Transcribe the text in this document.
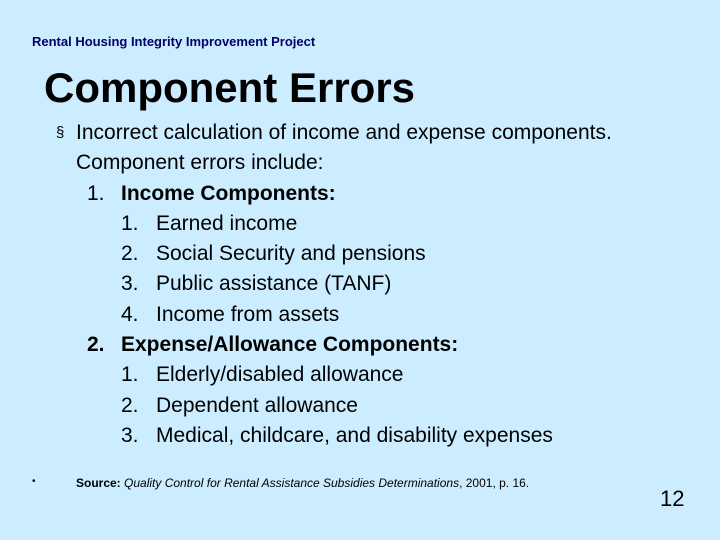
Rental Housing Integrity Improvement Project
Component Errors
§ Incorrect calculation of income and expense components.
Component errors include:
1. Income Components:
1. Earned income
2. Social Security and pensions
3. Public assistance (TANF)
4. Income from assets
2. Expense/Allowance Components:
1. Elderly/disabled allowance
2. Dependent allowance
3. Medical, childcare, and disability expenses
•	Source: Quality Control for Rental Assistance Subsidies Determinations, 2001, p. 16.
12
